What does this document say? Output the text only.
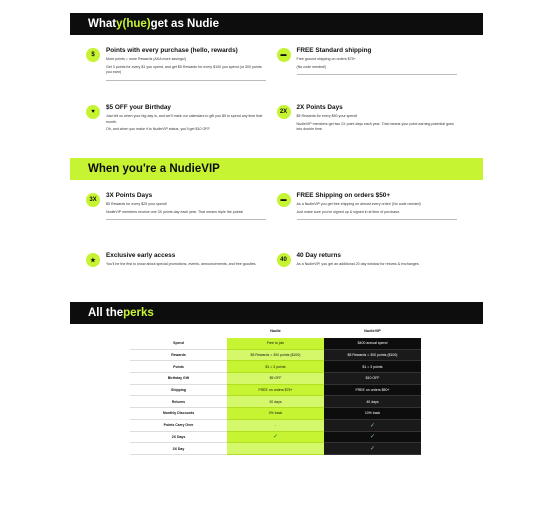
What y(hue) get as Nudie
$
Points with every purchase (hello, rewards)

More points = more Rewards (AKA more savings!)

Get 3 points for every $1 you spend, and get $5 Rewards for every $100 you spend (or 300 points you earn)

▬
FREE Standard shipping

Free ground shipping on orders $75+

(No code needed!)

♥
$5 OFF your Birthday

Just tell us when your big day is, and we'll mark our calendars to gift you $5 to spend any time that month.

Oh, and when you make it to NudieVIP status, you'll get $10 OFF.

2X
2X Points Days

$5 Rewards for every $50 your spend!

NudieVIP members get two 2X point days each year. That means your point-earning potential goes into double time.

When you're a NudieVIP
3X
3X Points Days

$5 Rewards for every $25 your spend!

NudieVIP members receive one 3X points day each year. That means triple the points!

▬
FREE Shipping on orders $50+

As a NudieVIP you get free shipping on almost every order! (No code needed)

Just make sure you've signed up & signed in at time of purchase.

★
Exclusive early access

You'll be the first to know about special promotions, events, announcements, and free goodies.

40
40 Day returns

As a NudieVIP, you get an additional 20 day window for returns & exchanges.

All the perks
Nudie	NudieVIP
Spend	Free to join	$400 annual spend
Rewards	$5 Rewards = 300 points ($100)	$5 Rewards = 300 points ($100)
Points	$1 = 3 points	$1 = 3 points
Birthday Gift	$5 OFF	$10 OFF
Shipping	FREE on orders $75+	FREE on orders $50+
Returns	20 days	40 days
Monthly Discounts	0% back	10% back
Points Carry Over	-	✓
2X Days	✓	✓
3X Day		✓
